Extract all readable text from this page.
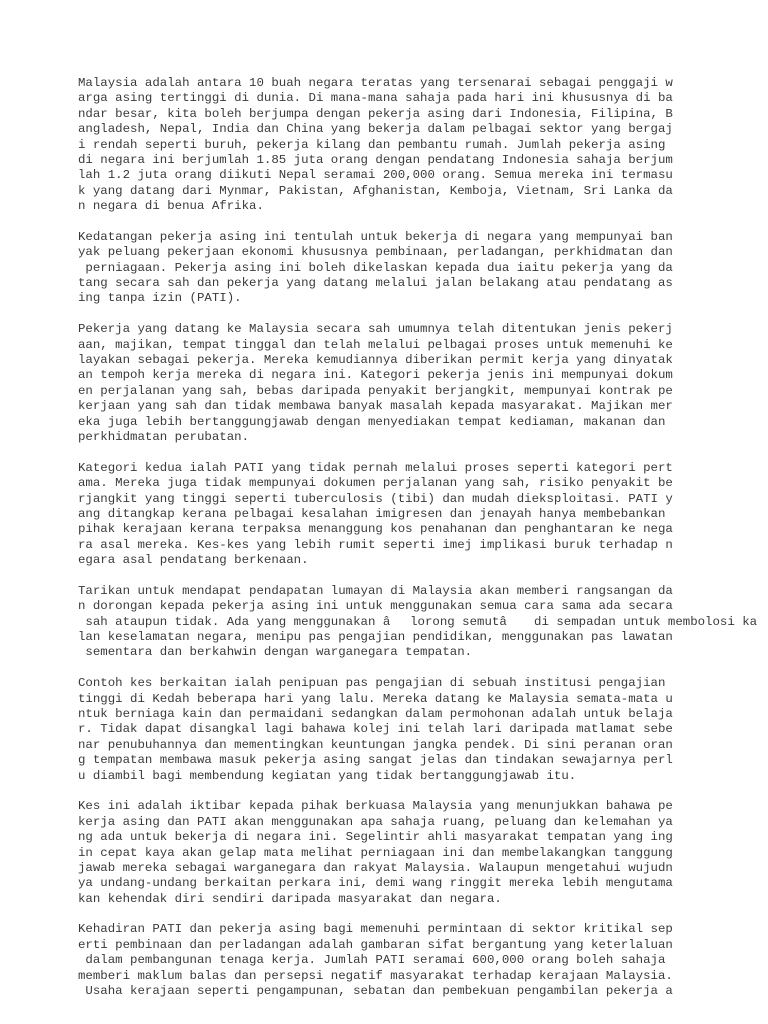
Malaysia adalah antara 10 buah negara teratas yang tersenarai sebagai penggaji w
arga asing tertinggi di dunia. Di mana-mana sahaja pada hari ini khususnya di ba
ndar besar, kita boleh berjumpa dengan pekerja asing dari Indonesia, Filipina, B
angladesh, Nepal, India dan China yang bekerja dalam pelbagai sektor yang bergaj
i rendah seperti buruh, pekerja kilang dan pembantu rumah. Jumlah pekerja asing
di negara ini berjumlah 1.85 juta orang dengan pendatang Indonesia sahaja berjum
lah 1.2 juta orang diikuti Nepal seramai 200,000 orang. Semua mereka ini termasu
k yang datang dari Mynmar, Pakistan, Afghanistan, Kemboja, Vietnam, Sri Lanka da
n negara di benua Afrika.
Kedatangan pekerja asing ini tentulah untuk bekerja di negara yang mempunyai ban
yak peluang pekerjaan ekonomi khususnya pembinaan, perladangan, perkhidmatan dan
perniagaan. Pekerja asing ini boleh dikelaskan kepada dua iaitu pekerja yang da
tang secara sah dan pekerja yang datang melalui jalan belakang atau pendatang as
ing tanpa izin (PATI).
Pekerja yang datang ke Malaysia secara sah umumnya telah ditentukan jenis pekerj
aan, majikan, tempat tinggal dan telah melalui pelbagai proses untuk memenuhi ke
layakan sebagai pekerja. Mereka kemudiannya diberikan permit kerja yang dinyatak
an tempoh kerja mereka di negara ini. Kategori pekerja jenis ini mempunyai dokum
en perjalanan yang sah, bebas daripada penyakit berjangkit, mempunyai kontrak pe
kerjaan yang sah dan tidak membawa banyak masalah kepada masyarakat. Majikan mer
eka juga lebih bertanggungjawab dengan menyediakan tempat kediaman, makanan dan
perkhidmatan perubatan.
Kategori kedua ialah PATI yang tidak pernah melalui proses seperti kategori pert
ama. Mereka juga tidak mempunyai dokumen perjalanan yang sah, risiko penyakit be
rjangkit yang tinggi seperti tuberculosis (tibi) dan mudah dieksploitasi. PATI y
ang ditangkap kerana pelbagai kesalahan imigresen dan jenayah hanya membebankan
pihak kerajaan kerana terpaksa menanggung kos penahanan dan penghantaran ke nega
ra asal mereka. Kes-kes yang lebih rumit seperti imej implikasi buruk terhadap n
egara asal pendatang berkenaan.
Tarikan untuk mendapat pendapatan lumayan di Malaysia akan memberi rangsangan da
n dorongan kepada pekerja asing ini untuk menggunakan semua cara sama ada secara
sah ataupun tidak. Ada yang menggunakan âlorong semutâ di sempadan untuk membolosi ka
lan keselamatan negara, menipu pas pengajian pendidikan, menggunakan pas lawatan
sementara dan berkahwin dengan warganegara tempatan.
Contoh kes berkaitan ialah penipuan pas pengajian di sebuah institusi pengajian
tinggi di Kedah beberapa hari yang lalu. Mereka datang ke Malaysia semata-mata u
ntuk berniaga kain dan permaidani sedangkan dalam permohonan adalah untuk belaja
r. Tidak dapat disangkal lagi bahawa kolej ini telah lari daripada matlamat sebe
nar penubuhannya dan mementingkan keuntungan jangka pendek. Di sini peranan oran
g tempatan membawa masuk pekerja asing sangat jelas dan tindakan sewajarnya perl
u diambil bagi membendung kegiatan yang tidak bertanggungjawab itu.
Kes ini adalah iktibar kepada pihak berkuasa Malaysia yang menunjukkan bahawa pe
kerja asing dan PATI akan menggunakan apa sahaja ruang, peluang dan kelemahan ya
ng ada untuk bekerja di negara ini. Segelintir ahli masyarakat tempatan yang ing
in cepat kaya akan gelap mata melihat perniagaan ini dan membelakangkan tanggung
jawab mereka sebagai warganegara dan rakyat Malaysia. Walaupun mengetahui wujudn
ya undang-undang berkaitan perkara ini, demi wang ringgit mereka lebih mengutama
kan kehendak diri sendiri daripada masyarakat dan negara.
Kehadiran PATI dan pekerja asing bagi memenuhi permintaan di sektor kritikal sep
erti pembinaan dan perladangan adalah gambaran sifat bergantung yang keterlaluan
dalam pembangunan tenaga kerja. Jumlah PATI seramai 600,000 orang boleh sahaja
memberi maklum balas dan persepsi negatif masyarakat terhadap kerajaan Malaysia.
Usaha kerajaan seperti pengampunan, sebatan dan pembekuan pengambilan pekerja a
